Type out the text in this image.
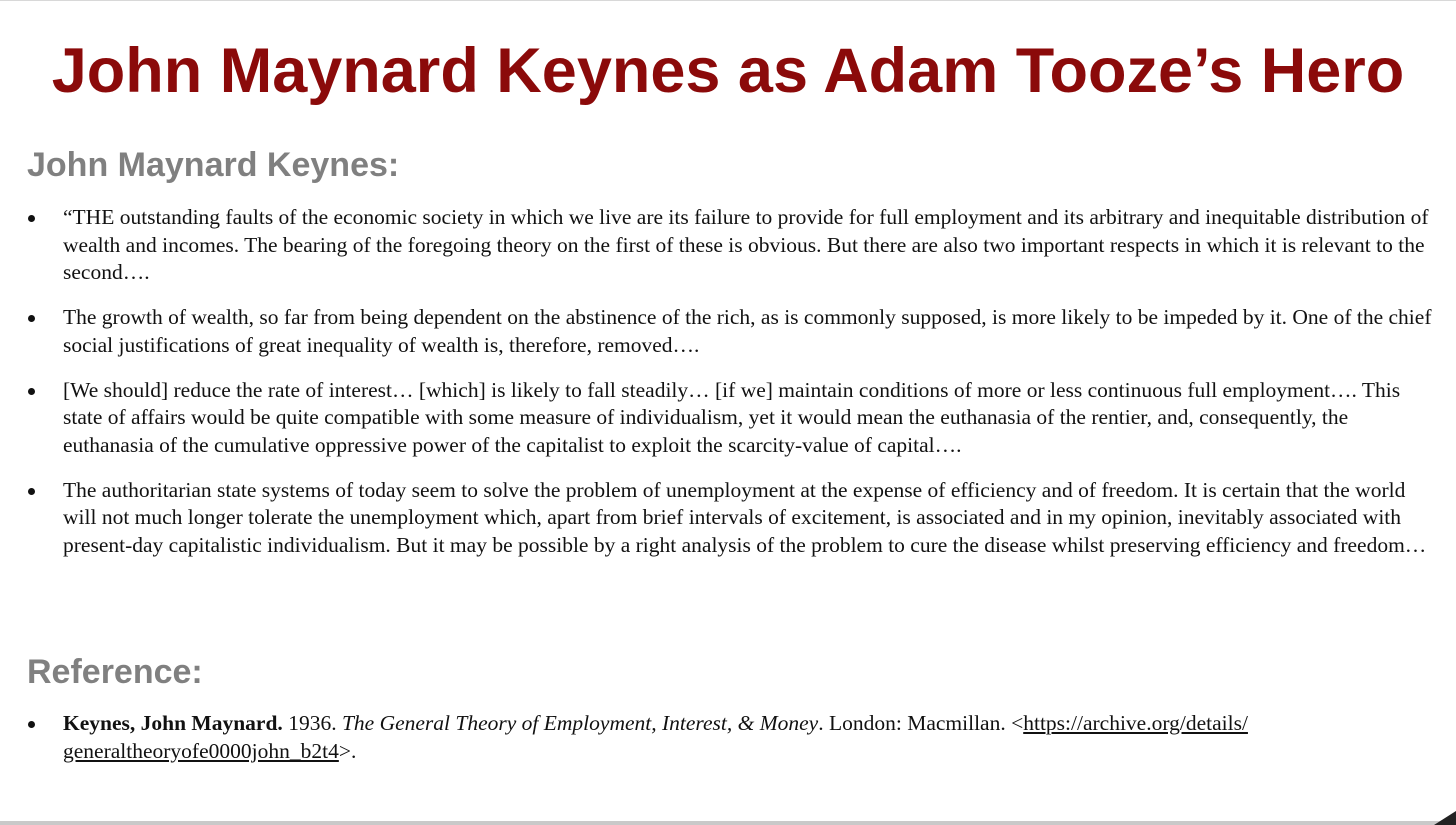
John Maynard Keynes as Adam Tooze’s Hero
John Maynard Keynes:
“THE outstanding faults of the economic society in which we live are its failure to provide for full employment and its arbitrary and inequitable distribution of wealth and incomes. The bearing of the foregoing theory on the first of these is obvious. But there are also two important respects in which it is relevant to the second….
The growth of wealth, so far from being dependent on the abstinence of the rich, as is commonly supposed, is more likely to be impeded by it. One of the chief social justifications of great inequality of wealth is, therefore, removed….
[We should] reduce the rate of interest… [which] is likely to fall steadily… [if we] maintain conditions of more or less continuous full employment…. This state of affairs would be quite compatible with some measure of individualism, yet it would mean the euthanasia of the rentier, and, consequently, the euthanasia of the cumulative oppressive power of the capitalist to exploit the scarcity-value of capital….
The authoritarian state systems of today seem to solve the problem of unemployment at the expense of efficiency and of freedom. It is certain that the world will not much longer tolerate the unemployment which, apart from brief intervals of excitement, is associated and in my opinion, inevitably associated with present-day capitalistic individualism. But it may be possible by a right analysis of the problem to cure the disease whilst preserving efficiency and freedom…
Reference:
Keynes, John Maynard. 1936. The General Theory of Employment, Interest, & Money. London: Macmillan. <https://archive.org/details/
generaltheoryofe0000john_b2t4>.
